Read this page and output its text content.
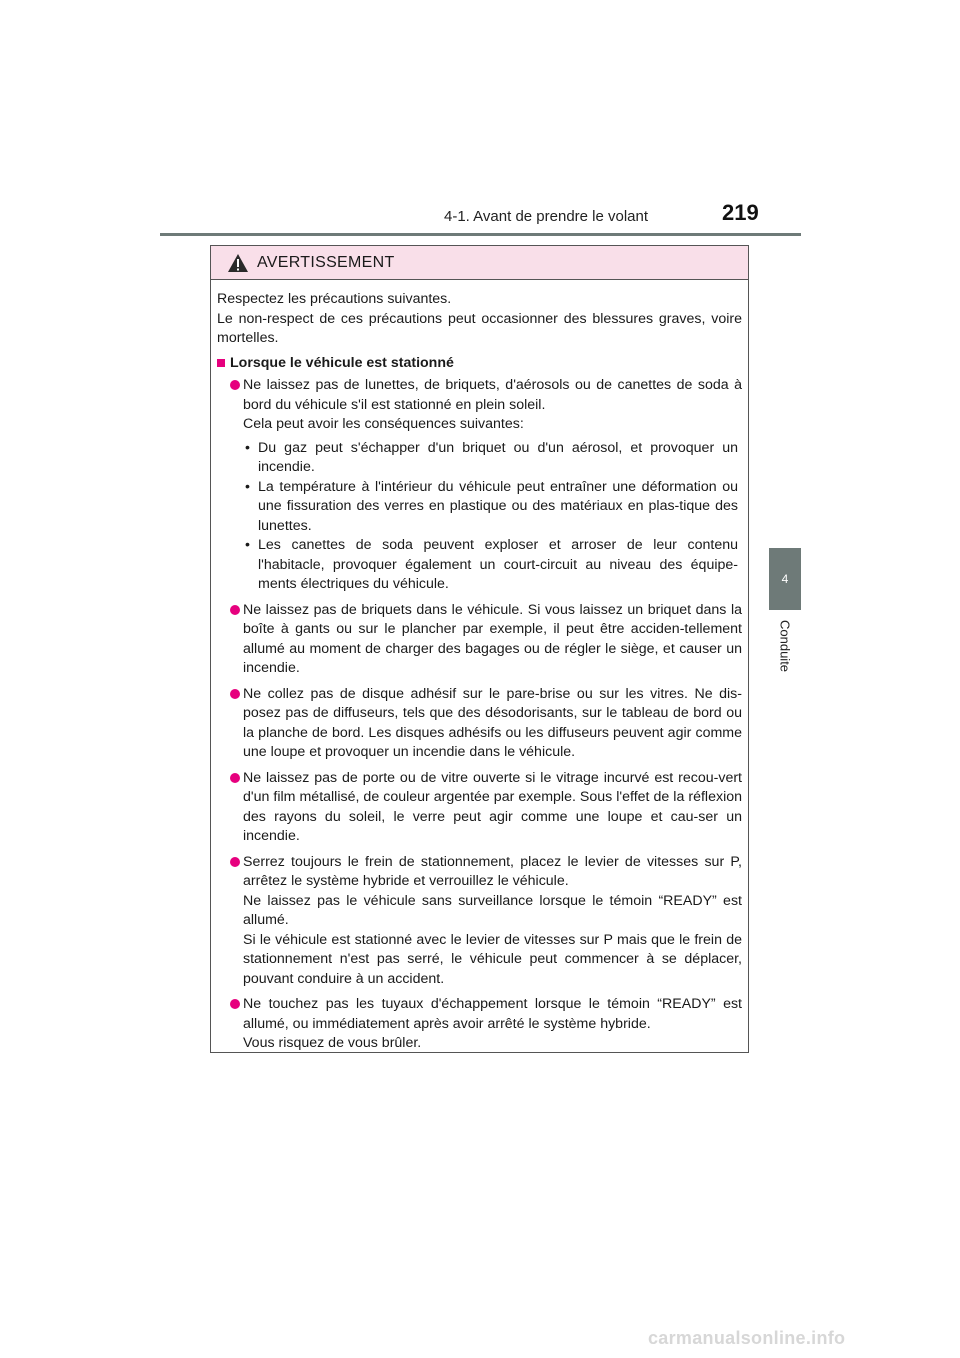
4-1. Avant de prendre le volant	219
4
Conduite
AVERTISSEMENT

Respectez les précautions suivantes.

Le non-respect de ces précautions peut occasionner des blessures graves, voire mortelles.

Lorsque le véhicule est stationné

Ne laissez pas de lunettes, de briquets, d'aérosols ou de canettes de soda à bord du véhicule s'il est stationné en plein soleil.

Cela peut avoir les conséquences suivantes:

• Du gaz peut s'échapper d'un briquet ou d'un aérosol, et provoquer un incendie.
• La température à l'intérieur du véhicule peut entraîner une déformation ou une fissuration des verres en plastique ou des matériaux en plas-tique des lunettes.
• Les canettes de soda peuvent exploser et arroser de leur contenu l'habitacle, provoquer également un court-circuit au niveau des équipe-ments électriques du véhicule.

Ne laissez pas de briquets dans le véhicule. Si vous laissez un briquet dans la boîte à gants ou sur le plancher par exemple, il peut être acciden-tellement allumé au moment de charger des bagages ou de régler le siège, et causer un incendie.

Ne collez pas de disque adhésif sur le pare-brise ou sur les vitres. Ne dis-posez pas de diffuseurs, tels que des désodorisants, sur le tableau de bord ou la planche de bord. Les disques adhésifs ou les diffuseurs peuvent agir comme une loupe et provoquer un incendie dans le véhicule.

Ne laissez pas de porte ou de vitre ouverte si le vitrage incurvé est recou-vert d'un film métallisé, de couleur argentée par exemple. Sous l'effet de la réflexion des rayons du soleil, le verre peut agir comme une loupe et cau-ser un incendie.

Serrez toujours le frein de stationnement, placez le levier de vitesses sur P, arrêtez le système hybride et verrouillez le véhicule.

Ne laissez pas le véhicule sans surveillance lorsque le témoin “READY” est allumé.

Si le véhicule est stationné avec le levier de vitesses sur P mais que le frein de stationnement n'est pas serré, le véhicule peut commencer à se déplacer, pouvant conduire à un accident.

Ne touchez pas les tuyaux d'échappement lorsque le témoin “READY” est allumé, ou immédiatement après avoir arrêté le système hybride.

Vous risquez de vous brûler.

carmanualsonline.info
